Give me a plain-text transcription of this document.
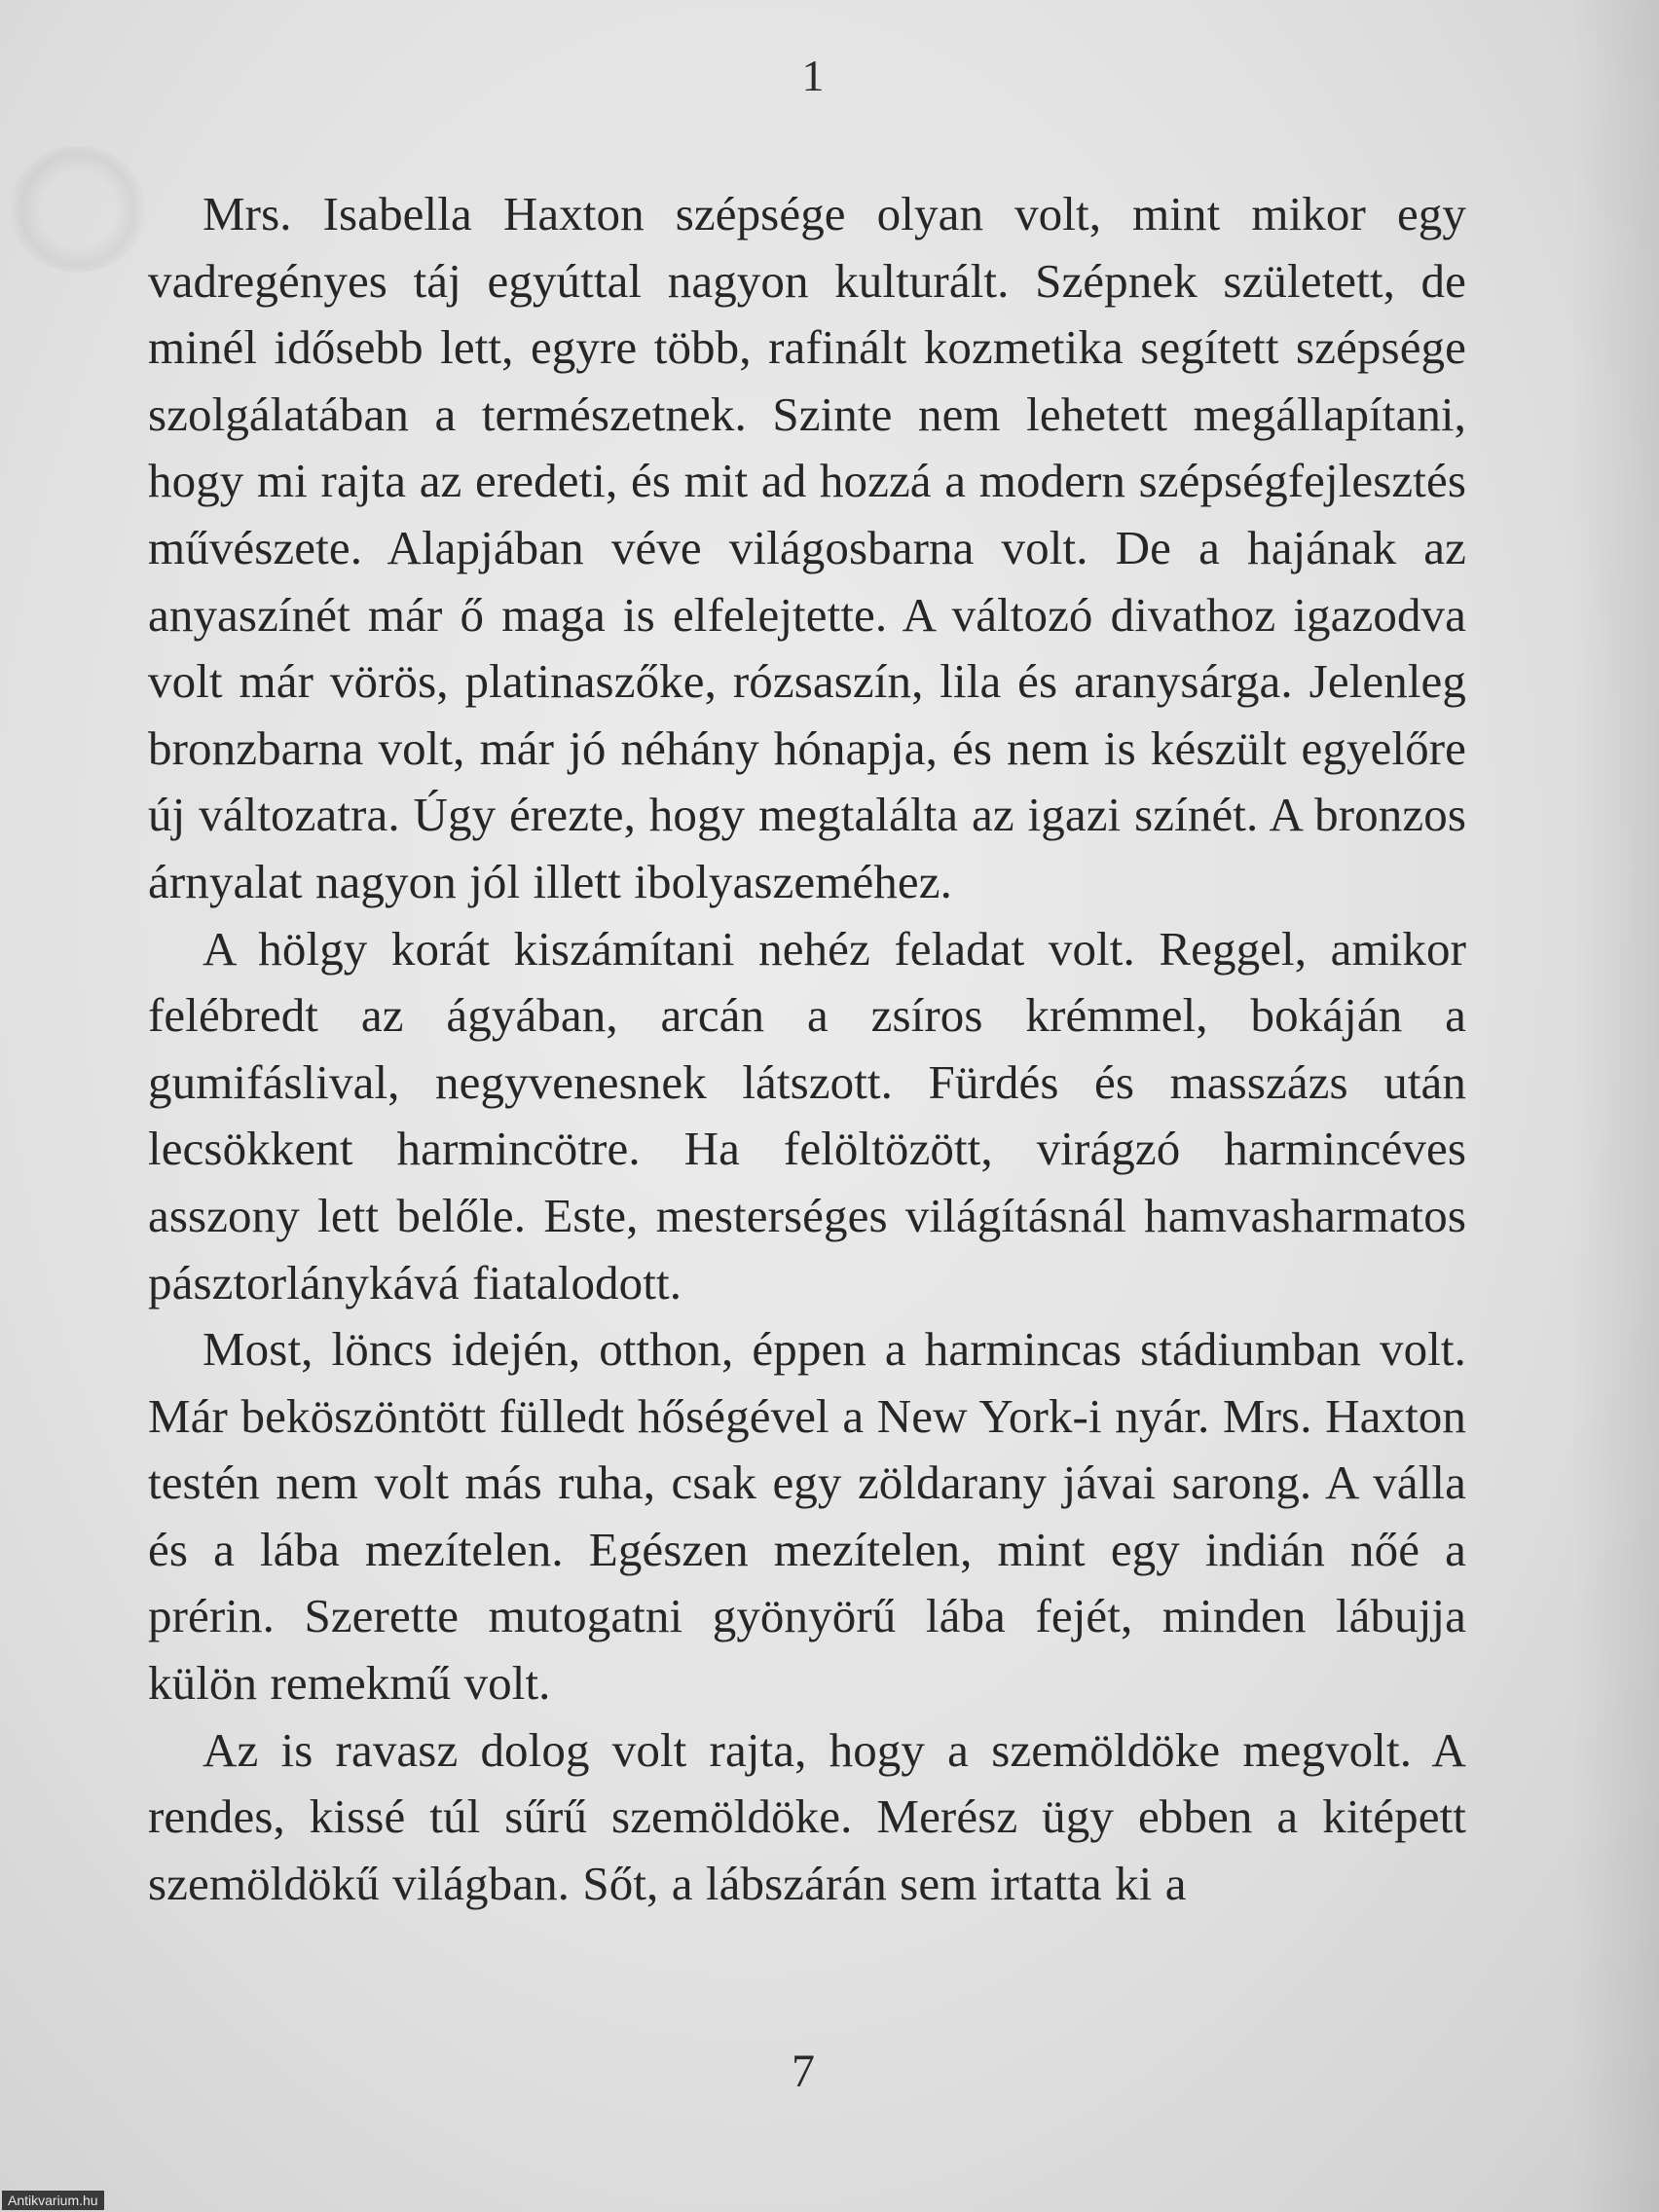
1

Mrs. Isabella Haxton szépsége olyan volt, mint mikor egy vadregényes táj egyúttal nagyon kulturált. Szépnek született, de minél idősebb lett, egyre több, rafinált kozmetika segített szépsége szolgálatában a természetnek. Szinte nem lehetett megállapítani, hogy mi rajta az eredeti, és mit ad hozzá a modern szépségfejlesztés művészete. Alapjában véve világosbarna volt. De a hajának az anyaszínét már ő maga is elfelejtette. A változó divathoz igazodva volt már vörös, platinaszőke, rózsaszín, lila és aranysárga. Jelenleg bronzbarna volt, már jó néhány hónapja, és nem is készült egyelőre új változatra. Úgy érezte, hogy megtalálta az igazi színét. A bronzos árnyalat nagyon jól illett ibolyaszeméhez.

A hölgy korát kiszámítani nehéz feladat volt. Reggel, amikor felébredt az ágyában, arcán a zsíros krémmel, bokáján a gumifáslival, negyvenesnek látszott. Fürdés és masszázs után lecsökkent harmincötre. Ha felöltözött, virágzó harmincéves asszony lett belőle. Este, mesterséges világításnál hamvasharmatos pásztorlánykává fiatalodott.

Most, löncs idején, otthon, éppen a harmincas stádiumban volt. Már beköszöntött fülledt hőségével a New York-i nyár. Mrs. Haxton testén nem volt más ruha, csak egy zöldarany jávai sarong. A válla és a lába mezítelen. Egészen mezítelen, mint egy indián nőé a prérin. Szerette mutogatni gyönyörű lába fejét, minden lábujja külön remekmű volt.

Az is ravasz dolog volt rajta, hogy a szemöldöke megvolt. A rendes, kissé túl sűrű szemöldöke. Merész ügy ebben a kitépett szemöldökű világban. Sőt, a lábszárán sem irtatta ki a

7
Antikvarium.hu
